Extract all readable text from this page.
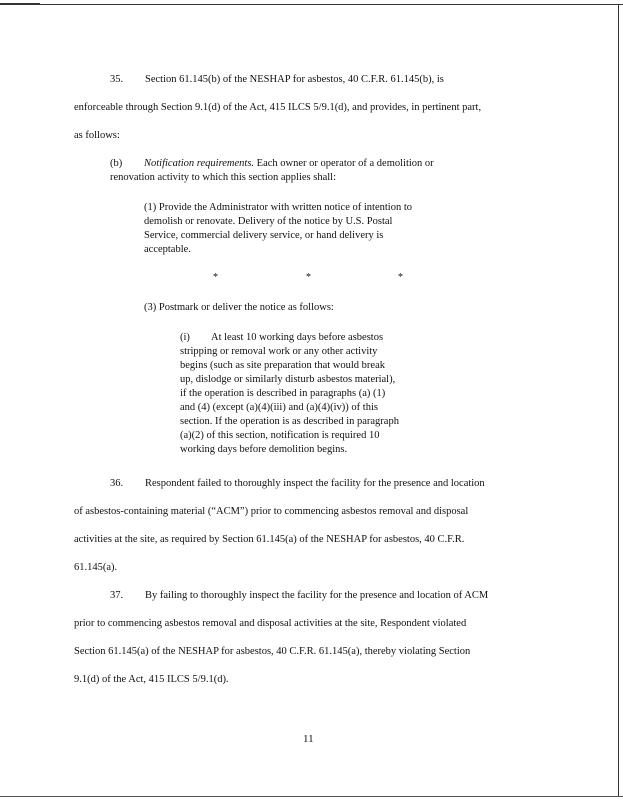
35. Section 61.145(b) of the NESHAP for asbestos, 40 C.F.R. 61.145(b), is
enforceable through Section 9.1(d) of the Act, 415 ILCS 5/9.1(d), and provides, in pertinent part,
as follows:
(b) Notification requirements. Each owner or operator of a demolition or
renovation activity to which this section applies shall:
(1) Provide the Administrator with written notice of intention to
demolish or renovate. Delivery of the notice by U.S. Postal
Service, commercial delivery service, or hand delivery is
acceptable.
*	*	*
(3) Postmark or deliver the notice as follows:
(i) At least 10 working days before asbestos
stripping or removal work or any other activity
begins (such as site preparation that would break
up, dislodge or similarly disturb asbestos material),
if the operation is described in paragraphs (a) (1)
and (4) (except (a)(4)(iii) and (a)(4)(iv)) of this
section. If the operation is as described in paragraph
(a)(2) of this section, notification is required 10
working days before demolition begins.
36. Respondent failed to thoroughly inspect the facility for the presence and location
of asbestos-containing material (“ACM”) prior to commencing asbestos removal and disposal
activities at the site, as required by Section 61.145(a) of the NESHAP for asbestos, 40 C.F.R.
61.145(a).
37. By failing to thoroughly inspect the facility for the presence and location of ACM
prior to commencing asbestos removal and disposal activities at the site, Respondent violated
Section 61.145(a) of the NESHAP for asbestos, 40 C.F.R. 61.145(a), thereby violating Section
9.1(d) of the Act, 415 ILCS 5/9.1(d).
11
